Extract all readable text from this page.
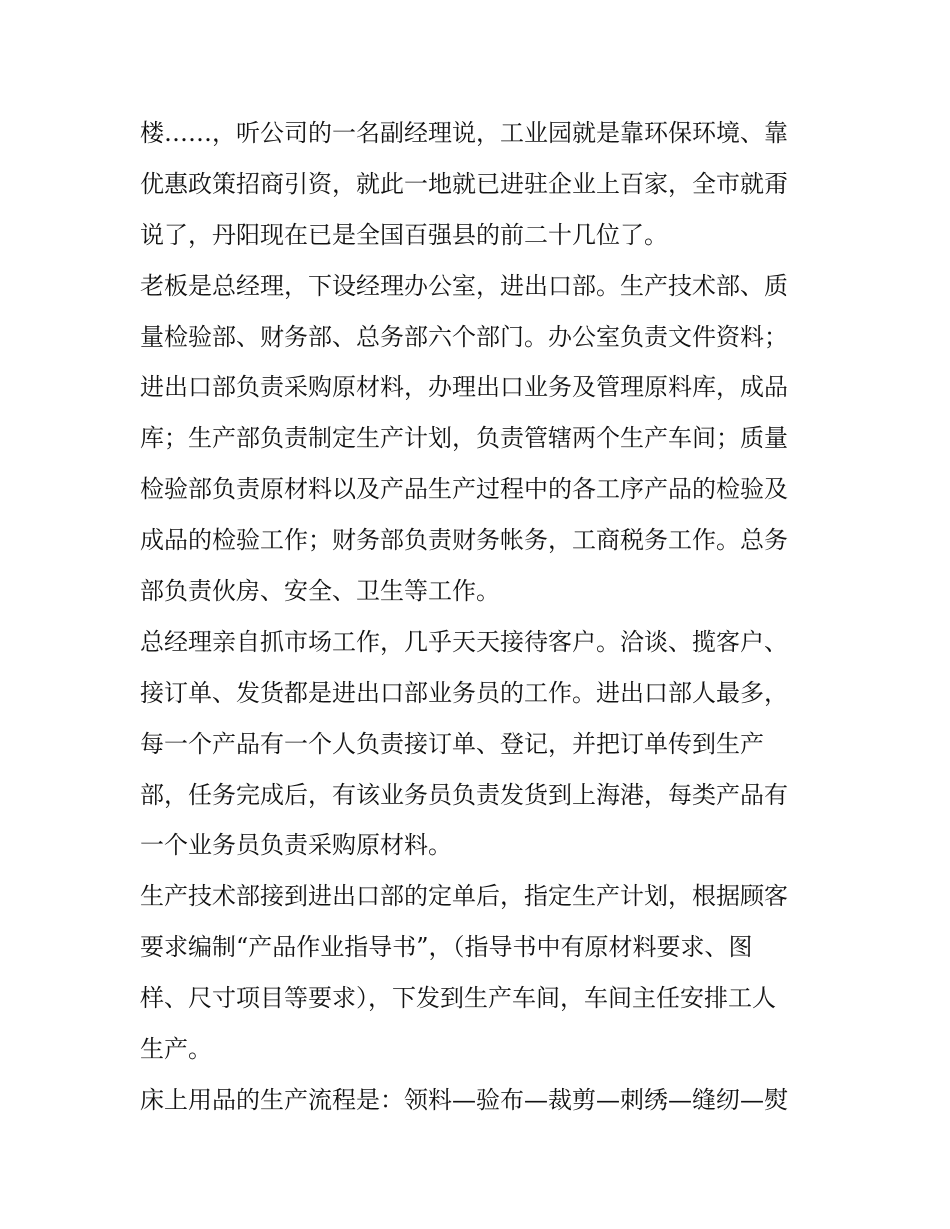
楼……，听公司的一名副经理说，工业园就是靠环保环境、靠
优惠政策招商引资，就此一地就已进驻企业上百家，全市就甭
说了，丹阳现在已是全国百强县的前二十几位了。
老板是总经理，下设经理办公室，进出口部。生产技术部、质
量检验部、财务部、总务部六个部门。办公室负责文件资料；
进出口部负责采购原材料，办理出口业务及管理原料库，成品
库；生产部负责制定生产计划，负责管辖两个生产车间；质量
检验部负责原材料以及产品生产过程中的各工序产品的检验及
成品的检验工作；财务部负责财务帐务，工商税务工作。总务
部负责伙房、安全、卫生等工作。
总经理亲自抓市场工作，几乎天天接待客户。洽谈、揽客户、
接订单、发货都是进出口部业务员的工作。进出口部人最多，
每一个产品有一个人负责接订单、登记，并把订单传到生产
部，任务完成后，有该业务员负责发货到上海港，每类产品有
一个业务员负责采购原材料。
生产技术部接到进出口部的定单后，指定生产计划，根据顾客
要求编制“产品作业指导书”，（指导书中有原材料要求、图
样、尺寸项目等要求），下发到生产车间，车间主任安排工人
生产。
床上用品的生产流程是：领料—验布—裁剪—刺绣—缝纫—熨
